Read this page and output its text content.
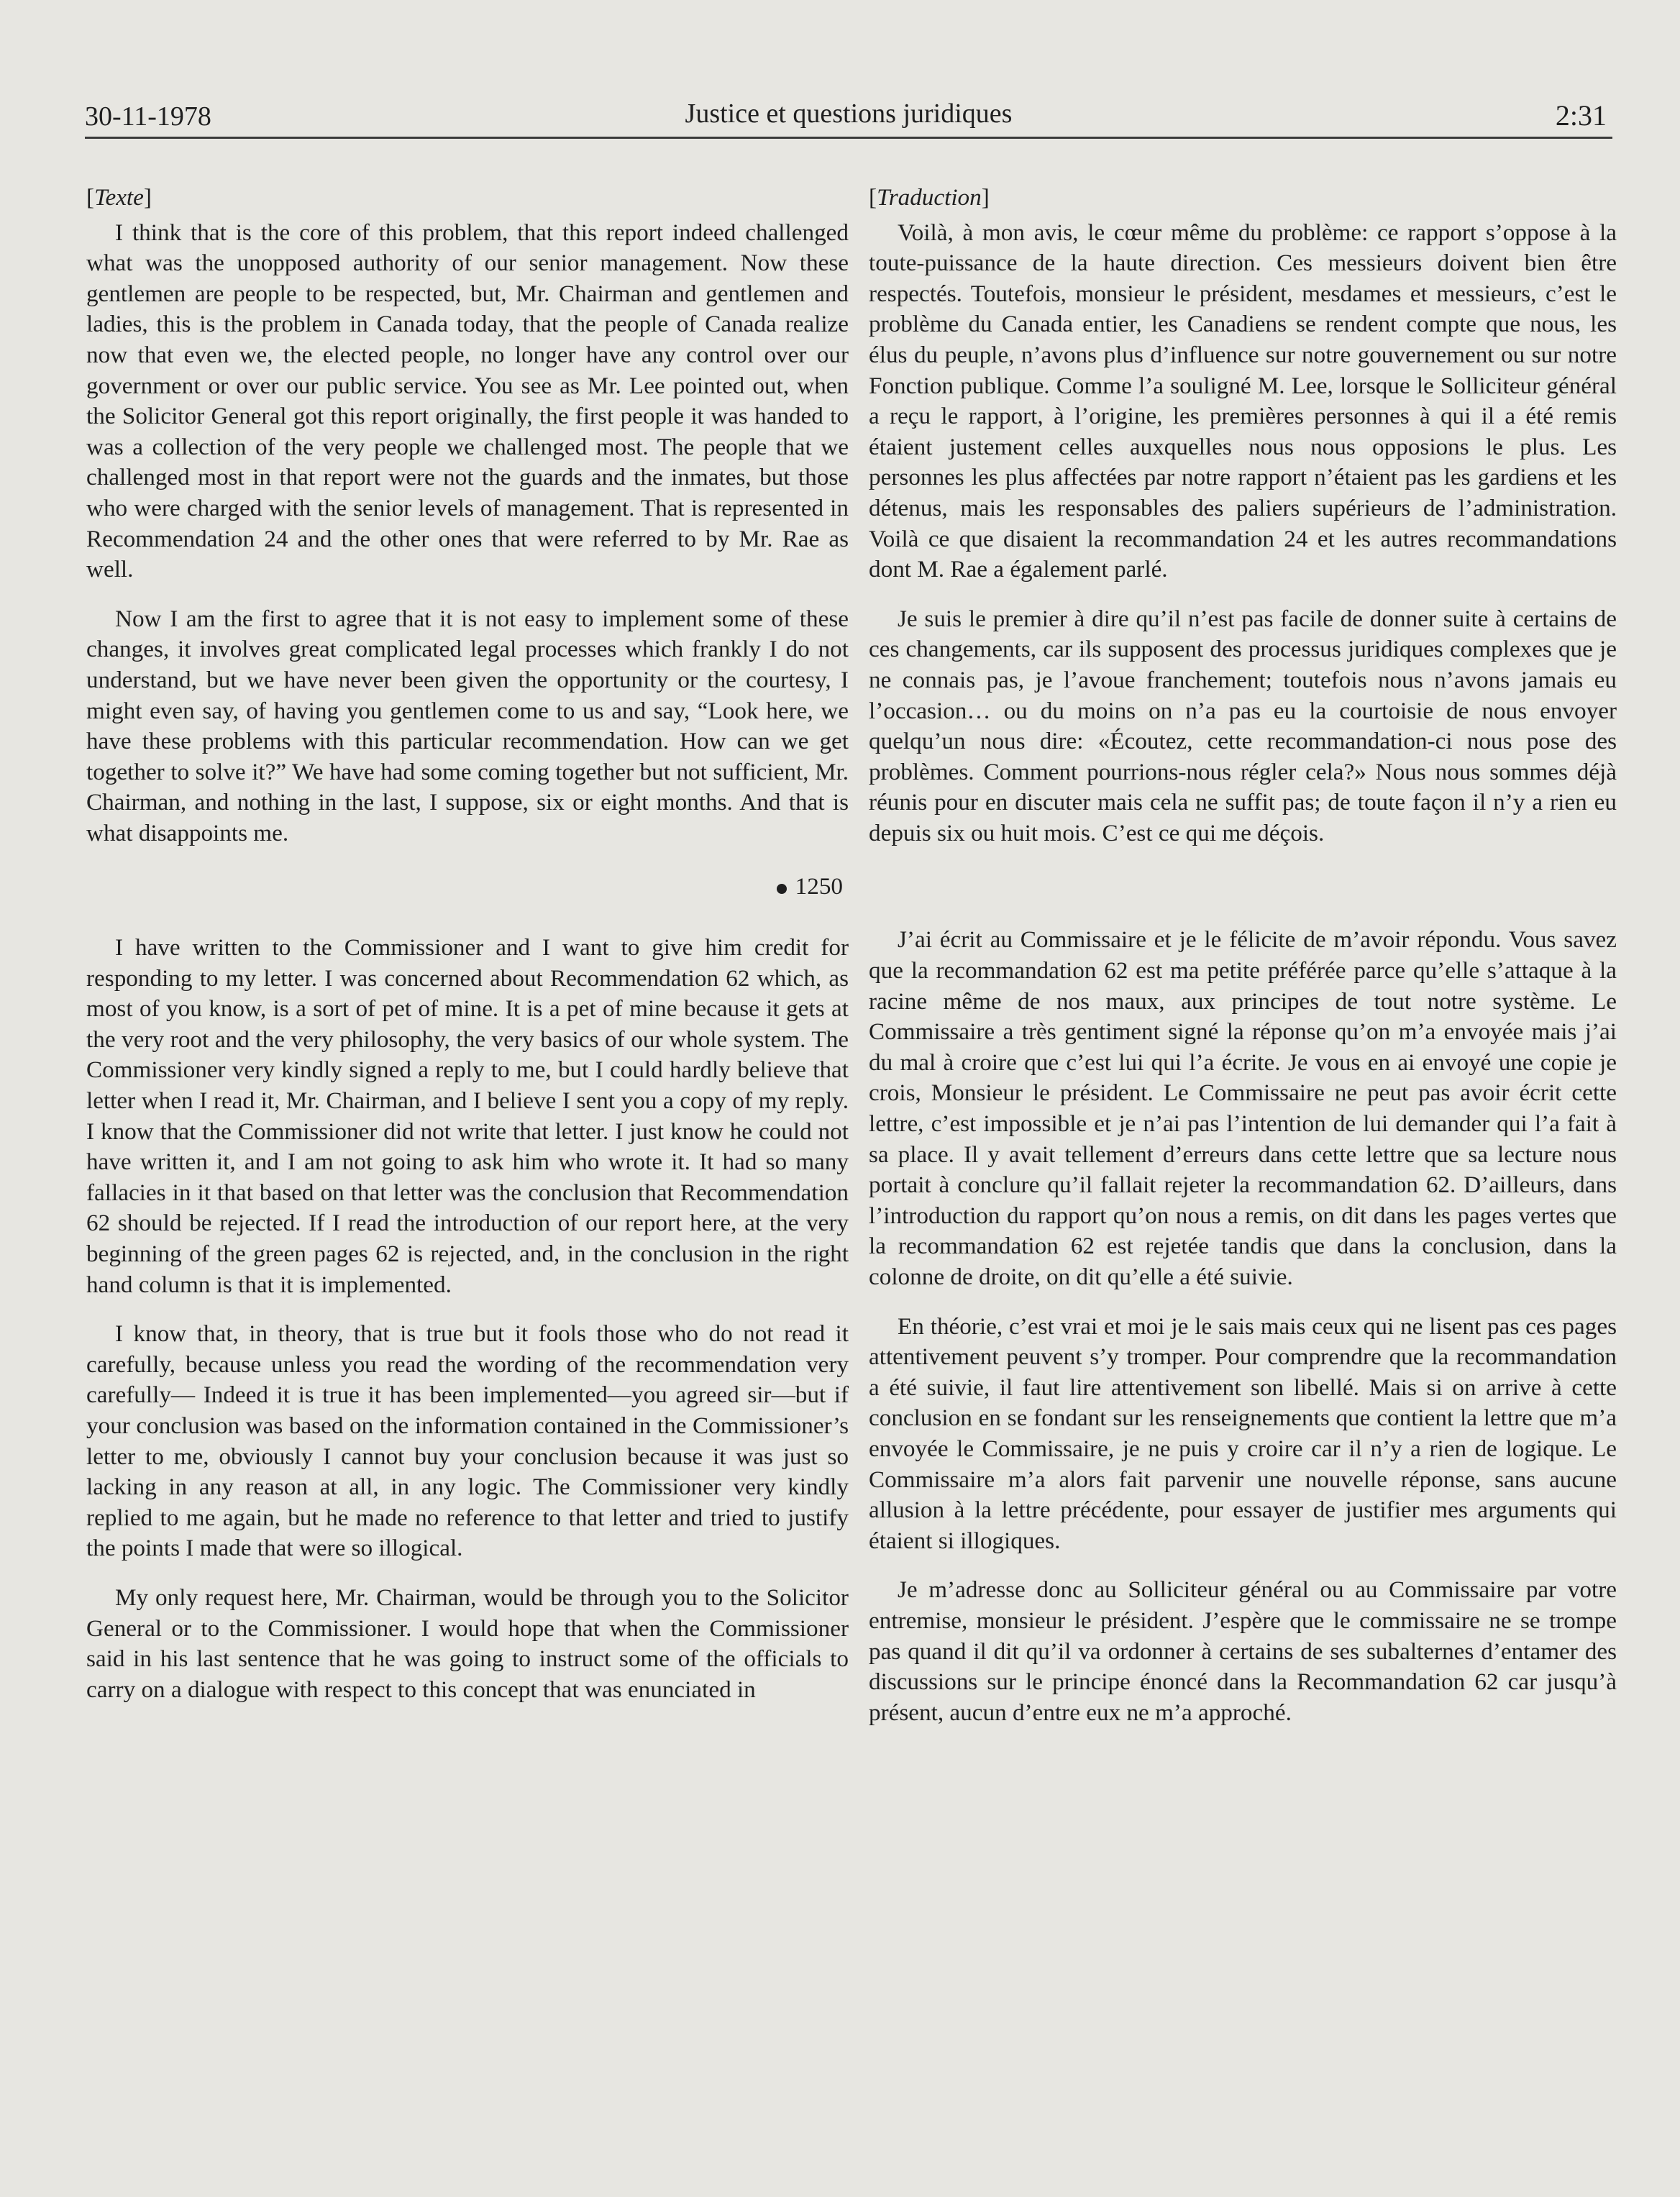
30-11-1978	Justice et questions juridiques	2:31
[Texte]

I think that is the core of this problem, that this report indeed challenged what was the unopposed authority of our senior management. Now these gentlemen are people to be respected, but, Mr. Chairman and gentlemen and ladies, this is the problem in Canada today, that the people of Canada realize now that even we, the elected people, no longer have any control over our government or over our public service. You see as Mr. Lee pointed out, when the Solicitor General got this report originally, the first people it was handed to was a collection of the very people we challenged most. The people that we challenged most in that report were not the guards and the inmates, but those who were charged with the senior levels of management. That is represented in Recommendation 24 and the other ones that were referred to by Mr. Rae as well.

Now I am the first to agree that it is not easy to implement some of these changes, it involves great complicated legal processes which frankly I do not understand, but we have never been given the opportunity or the courtesy, I might even say, of having you gentlemen come to us and say, “Look here, we have these problems with this particular recommendation. How can we get together to solve it?” We have had some coming together but not sufficient, Mr. Chairman, and nothing in the last, I suppose, six or eight months. And that is what disappoints me.

1250

I have written to the Commissioner and I want to give him credit for responding to my letter. I was concerned about Recommendation 62 which, as most of you know, is a sort of pet of mine. It is a pet of mine because it gets at the very root and the very philosophy, the very basics of our whole system. The Commissioner very kindly signed a reply to me, but I could hardly believe that letter when I read it, Mr. Chairman, and I believe I sent you a copy of my reply. I know that the Commissioner did not write that letter. I just know he could not have written it, and I am not going to ask him who wrote it. It had so many fallacies in it that based on that letter was the conclusion that Recommendation 62 should be rejected. If I read the introduction of our report here, at the very beginning of the green pages 62 is rejected, and, in the conclusion in the right hand column is that it is implemented.

I know that, in theory, that is true but it fools those who do not read it carefully, because unless you read the wording of the recommendation very carefully— Indeed it is true it has been implemented—you agreed sir—but if your conclusion was based on the information contained in the Commissioner’s letter to me, obviously I cannot buy your conclusion because it was just so lacking in any reason at all, in any logic. The Commissioner very kindly replied to me again, but he made no reference to that letter and tried to justify the points I made that were so illogical.

My only request here, Mr. Chairman, would be through you to the Solicitor General or to the Commissioner. I would hope that when the Commissioner said in his last sentence that he was going to instruct some of the officials to carry on a dialogue with respect to this concept that was enunciated in

[Traduction]

Voilà, à mon avis, le cœur même du problème: ce rapport s’oppose à la toute-puissance de la haute direction. Ces messieurs doivent bien être respectés. Toutefois, monsieur le président, mesdames et messieurs, c’est le problème du Canada entier, les Canadiens se rendent compte que nous, les élus du peuple, n’avons plus d’influence sur notre gouvernement ou sur notre Fonction publique. Comme l’a souligné M. Lee, lorsque le Solliciteur général a reçu le rapport, à l’origine, les premières personnes à qui il a été remis étaient justement celles auxquelles nous nous opposions le plus. Les personnes les plus affectées par notre rapport n’étaient pas les gardiens et les détenus, mais les responsables des paliers supérieurs de l’administration. Voilà ce que disaient la recommandation 24 et les autres recommandations dont M. Rae a également parlé.

Je suis le premier à dire qu’il n’est pas facile de donner suite à certains de ces changements, car ils supposent des processus juridiques complexes que je ne connais pas, je l’avoue franchement; toutefois nous n’avons jamais eu l’occasion… ou du moins on n’a pas eu la courtoisie de nous envoyer quelqu’un nous dire: «Écoutez, cette recommandation-ci nous pose des problèmes. Comment pourrions-nous régler cela?» Nous nous sommes déjà réunis pour en discuter mais cela ne suffit pas; de toute façon il n’y a rien eu depuis six ou huit mois. C’est ce qui me déçois.

J’ai écrit au Commissaire et je le félicite de m’avoir répondu. Vous savez que la recommandation 62 est ma petite préférée parce qu’elle s’attaque à la racine même de nos maux, aux principes de tout notre système. Le Commissaire a très gentiment signé la réponse qu’on m’a envoyée mais j’ai du mal à croire que c’est lui qui l’a écrite. Je vous en ai envoyé une copie je crois, Monsieur le président. Le Commissaire ne peut pas avoir écrit cette lettre, c’est impossible et je n’ai pas l’intention de lui demander qui l’a fait à sa place. Il y avait tellement d’erreurs dans cette lettre que sa lecture nous portait à conclure qu’il fallait rejeter la recommandation 62. D’ailleurs, dans l’introduction du rapport qu’on nous a remis, on dit dans les pages vertes que la recommandation 62 est rejetée tandis que dans la conclusion, dans la colonne de droite, on dit qu’elle a été suivie.

En théorie, c’est vrai et moi je le sais mais ceux qui ne lisent pas ces pages attentivement peuvent s’y tromper. Pour comprendre que la recommandation a été suivie, il faut lire attentivement son libellé. Mais si on arrive à cette conclusion en se fondant sur les renseignements que contient la lettre que m’a envoyée le Commissaire, je ne puis y croire car il n’y a rien de logique. Le Commissaire m’a alors fait parvenir une nouvelle réponse, sans aucune allusion à la lettre précédente, pour essayer de justifier mes arguments qui étaient si illogiques.

Je m’adresse donc au Solliciteur général ou au Commissaire par votre entremise, monsieur le président. J’espère que le commissaire ne se trompe pas quand il dit qu’il va ordonner à certains de ses subalternes d’entamer des discussions sur le principe énoncé dans la Recommandation 62 car jusqu’à présent, aucun d’entre eux ne m’a approché.
